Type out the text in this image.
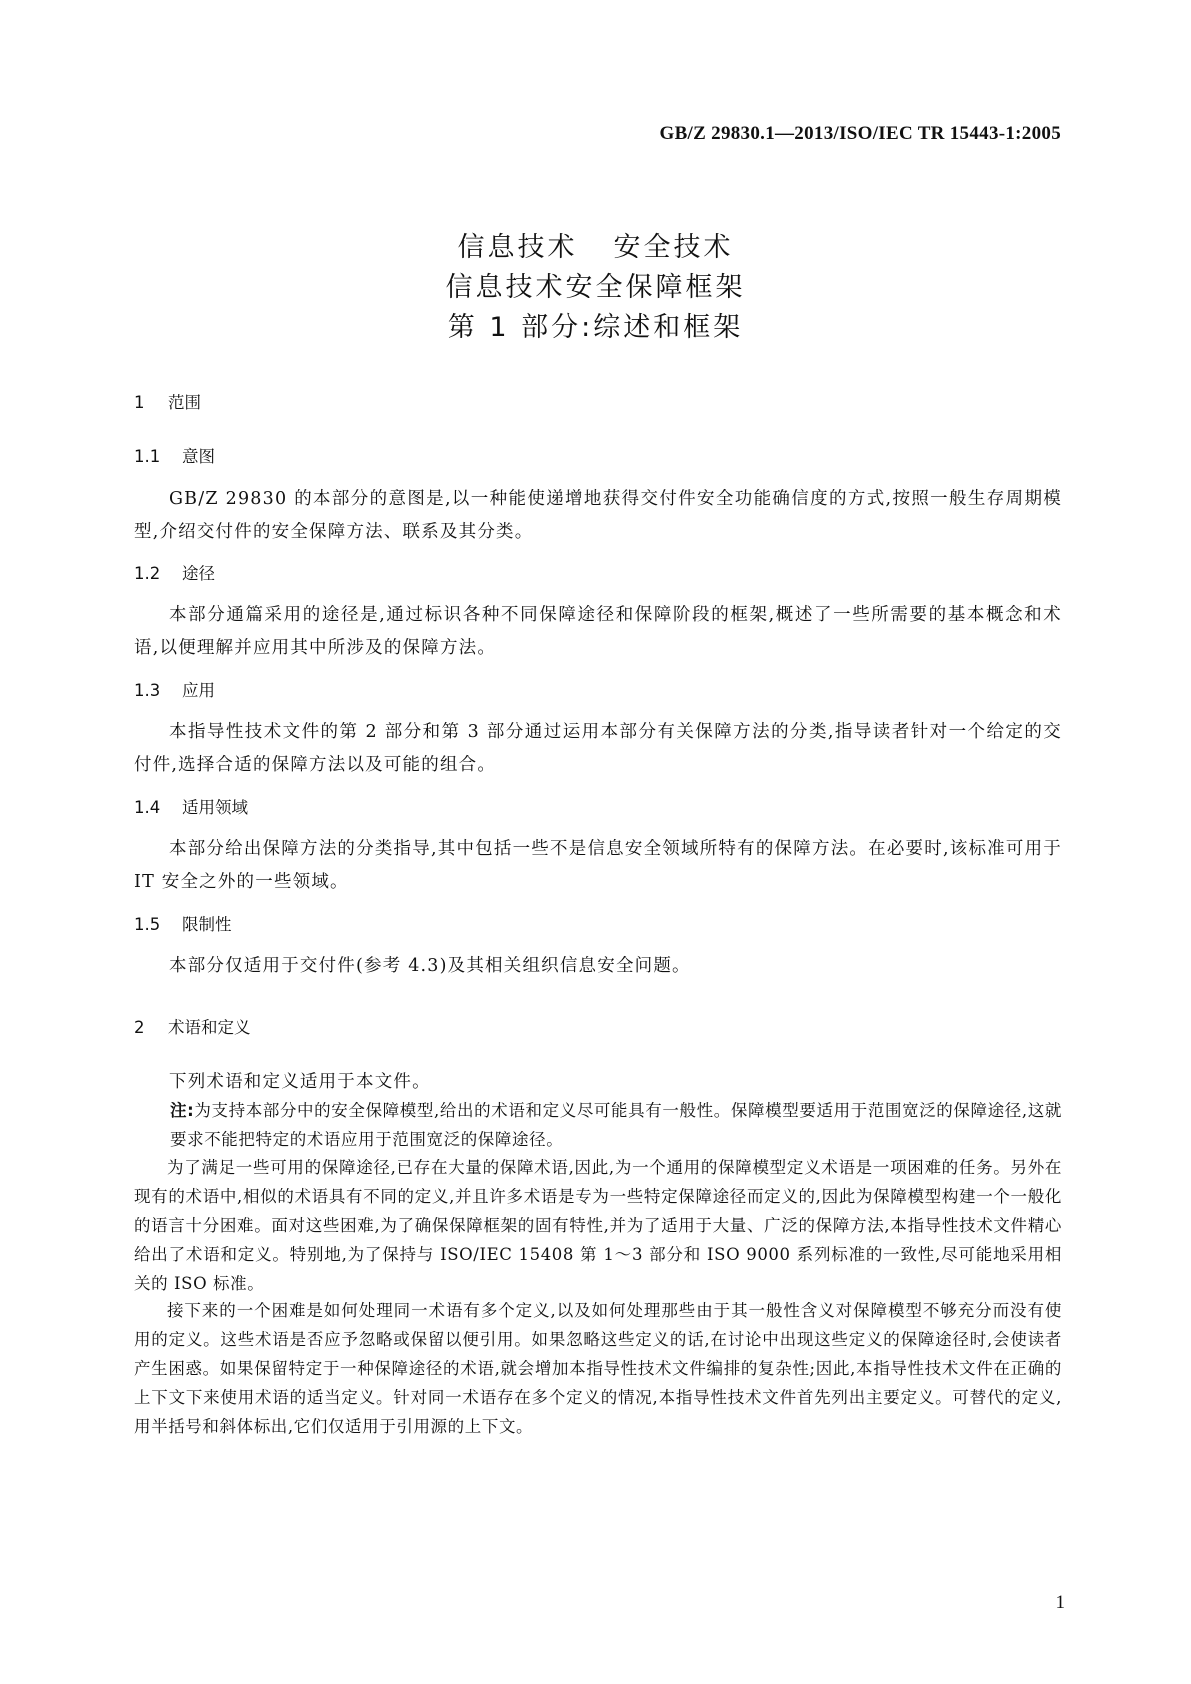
GB/Z 29830.1—2013/ISO/IEC TR 15443-1:2005
信息技术 安全技术
信息技术安全保障框架
第 1 部分:综述和框架
1 范围
1.1 意图
GB/Z 29830 的本部分的意图是,以一种能使递增地获得交付件安全功能确信度的方式,按照一般生存周期模型,介绍交付件的安全保障方法、联系及其分类。
1.2 途径
本部分通篇采用的途径是,通过标识各种不同保障途径和保障阶段的框架,概述了一些所需要的基本概念和术语,以便理解并应用其中所涉及的保障方法。
1.3 应用
本指导性技术文件的第 2 部分和第 3 部分通过运用本部分有关保障方法的分类,指导读者针对一个给定的交付件,选择合适的保障方法以及可能的组合。
1.4 适用领域
本部分给出保障方法的分类指导,其中包括一些不是信息安全领域所特有的保障方法。在必要时,该标准可用于 IT 安全之外的一些领域。
1.5 限制性
本部分仅适用于交付件(参考 4.3)及其相关组织信息安全问题。
2 术语和定义
下列术语和定义适用于本文件。
注:为支持本部分中的安全保障模型,给出的术语和定义尽可能具有一般性。保障模型要适用于范围宽泛的保障途径,这就要求不能把特定的术语应用于范围宽泛的保障途径。
为了满足一些可用的保障途径,已存在大量的保障术语,因此,为一个通用的保障模型定义术语是一项困难的任务。另外在现有的术语中,相似的术语具有不同的定义,并且许多术语是专为一些特定保障途径而定义的,因此为保障模型构建一个一般化的语言十分困难。面对这些困难,为了确保保障框架的固有特性,并为了适用于大量、广泛的保障方法,本指导性技术文件精心给出了术语和定义。特别地,为了保持与 ISO/IEC 15408 第 1～3 部分和 ISO 9000 系列标准的一致性,尽可能地采用相关的 ISO 标准。
接下来的一个困难是如何处理同一术语有多个定义,以及如何处理那些由于其一般性含义对保障模型不够充分而没有使用的定义。这些术语是否应予忽略或保留以便引用。如果忽略这些定义的话,在讨论中出现这些定义的保障途径时,会使读者产生困惑。如果保留特定于一种保障途径的术语,就会增加本指导性技术文件编排的复杂性;因此,本指导性技术文件在正确的上下文下来使用术语的适当定义。针对同一术语存在多个定义的情况,本指导性技术文件首先列出主要定义。可替代的定义,用半括号和斜体标出,它们仅适用于引用源的上下文。
1
